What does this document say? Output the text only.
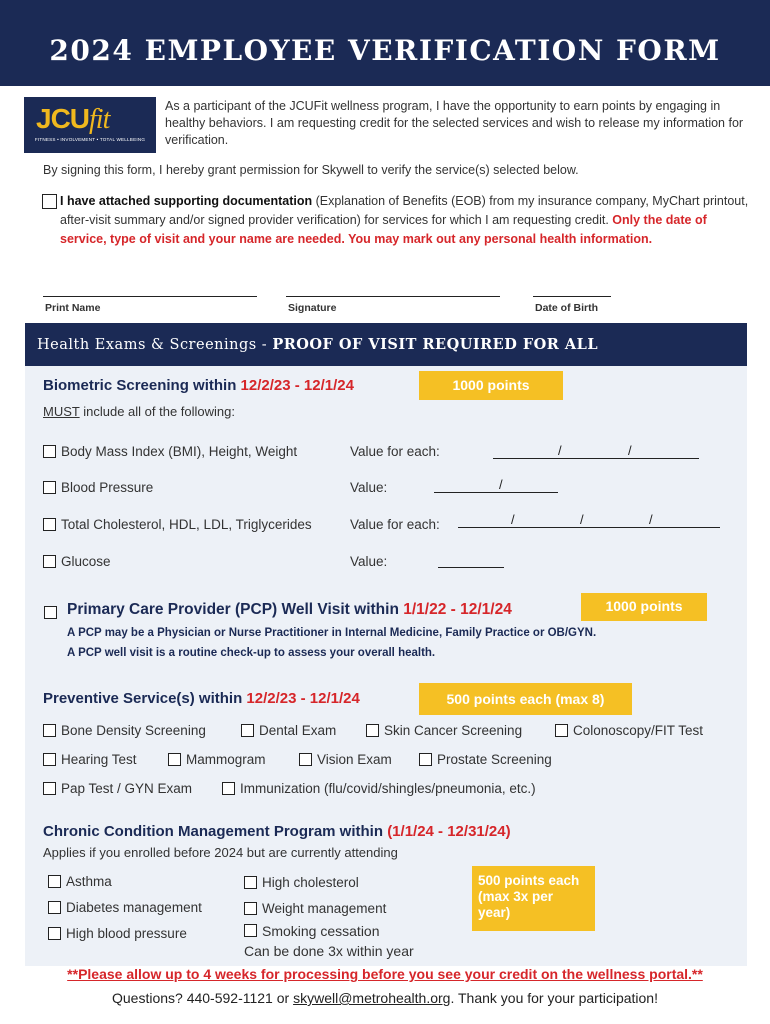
2024 EMPLOYEE VERIFICATION FORM
JCUfit
FITNESS • INVOLVEMENT • TOTAL WELLBEING
As a participant of the JCUFit wellness program, I have the opportunity to earn points by engaging in healthy behaviors. I am requesting credit for the selected services and wish to release my information for verification.
By signing this form, I hereby grant permission for Skywell to verify the service(s) selected below.
I have attached supporting documentation (Explanation of Benefits (EOB) from my insurance company, MyChart printout, after-visit summary and/or signed provider verification) for services for which I am requesting credit. Only the date of service, type of visit and your name are needed. You may mark out any personal health information.
Print Name	Signature	Date of Birth
Health Exams & Screenings - PROOF OF VISIT REQUIRED FOR ALL
Biometric Screening within 12/2/23 - 12/1/24	1000 points
MUST include all of the following:
Body Mass Index (BMI), Height, Weight	Value for each:	/	/
Blood Pressure	Value:	/
Total Cholesterol, HDL, LDL, Triglycerides	Value for each:	/	/	/
Glucose	Value:
Primary Care Provider (PCP) Well Visit within 1/1/22 - 12/1/24	1000 points
A PCP may be a Physician or Nurse Practitioner in Internal Medicine, Family Practice or OB/GYN.
A PCP well visit is a routine check-up to assess your overall health.
Preventive Service(s) within 12/2/23 - 12/1/24	500 points each (max 8)
Bone Density Screening	Dental Exam	Skin Cancer Screening	Colonoscopy/FIT Test
Hearing Test	Mammogram	Vision Exam	Prostate Screening
Pap Test / GYN Exam	Immunization (flu/covid/shingles/pneumonia, etc.)
Chronic Condition Management Program within (1/1/24 - 12/31/24)
Applies if you enrolled before 2024 but are currently attending
500 points each (max 3x per year)
Asthma
Diabetes management
High blood pressure
High cholesterol
Weight management
Smoking cessation
Can be done 3x within year
**Please allow up to 4 weeks for processing before you see your credit on the wellness portal.**
Questions? 440-592-1121 or skywell@metrohealth.org. Thank you for your participation!
